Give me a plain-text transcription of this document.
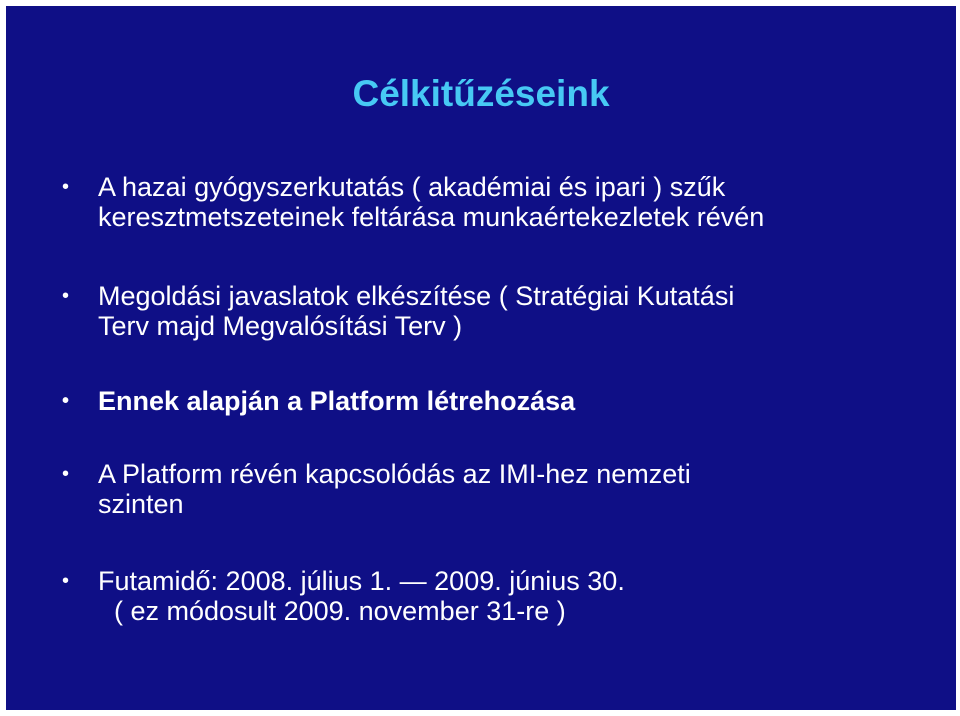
Célkitűzéseink
• A hazai gyógyszerkutatás ( akadémiai és ipari ) szűk
keresztmetszeteinek feltárása munkaértekezletek révén

• Megoldási javaslatok elkészítése ( Stratégiai Kutatási
Terv majd Megvalósítási Terv )

• Ennek alapján a Platform létrehozása

• A Platform révén kapcsolódás az IMI-hez nemzeti
szinten

• Futamidő: 2008. július 1. — 2009. június 30.
( ez módosult 2009. november 31-re )
